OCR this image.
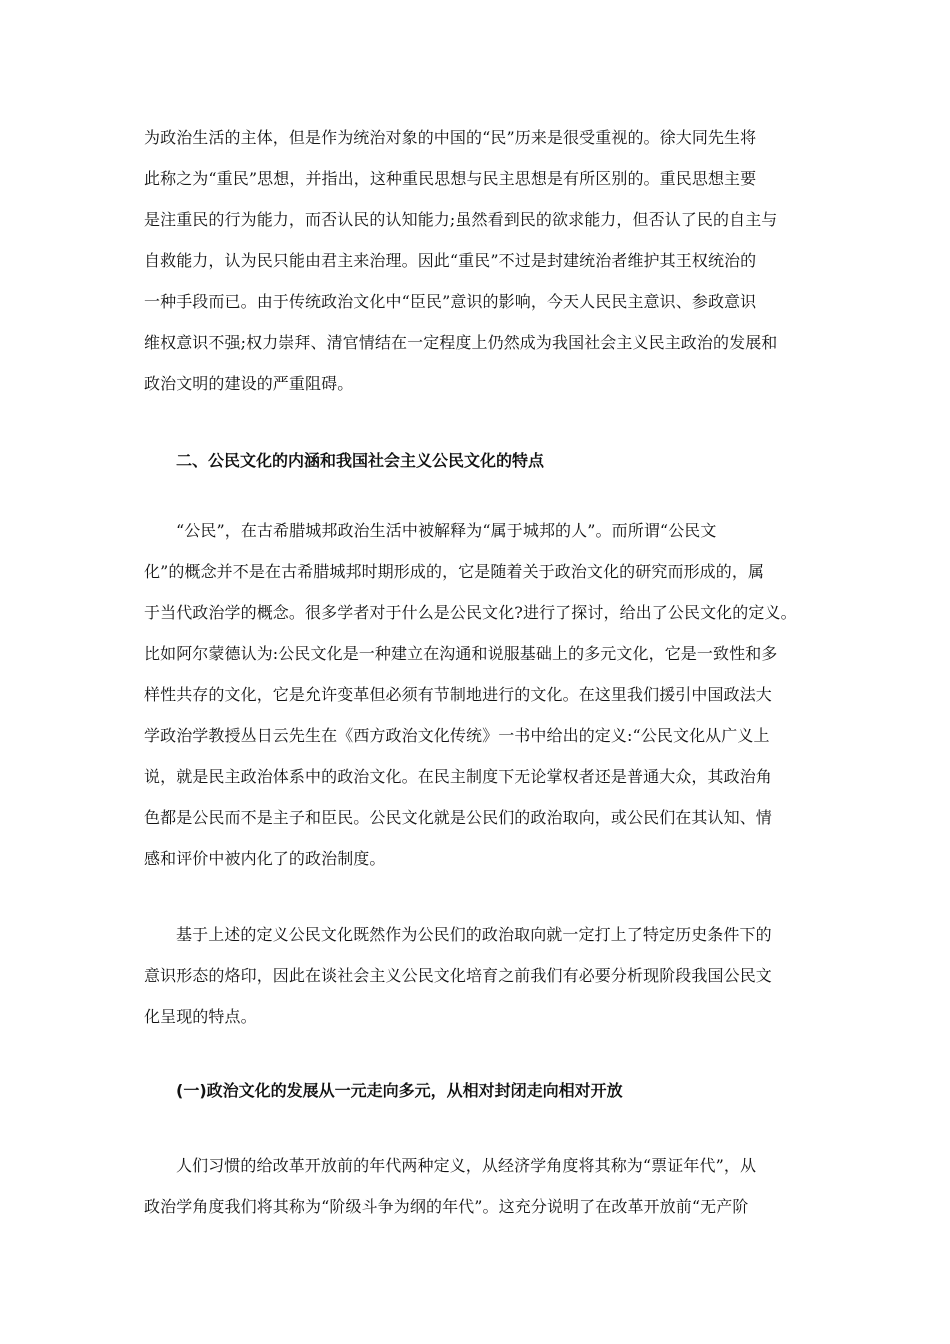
为政治生活的主体，但是作为统治对象的中国的“民”历来是很受重视的。徐大同先生将
此称之为“重民”思想，并指出，这种重民思想与民主思想是有所区别的。重民思想主要
是注重民的行为能力，而否认民的认知能力;虽然看到民的欲求能力，但否认了民的自主与
自救能力，认为民只能由君主来治理。因此“重民”不过是封建统治者维护其王权统治的
一种手段而已。由于传统政治文化中“臣民”意识的影响，今天人民民主意识、参政意识
维权意识不强;权力崇拜、清官情结在一定程度上仍然成为我国社会主义民主政治的发展和
政治文明的建设的严重阻碍。
二、公民文化的内涵和我国社会主义公民文化的特点
“公民”，在古希腊城邦政治生活中被解释为“属于城邦的人”。而所谓“公民文
化”的概念并不是在古希腊城邦时期形成的，它是随着关于政治文化的研究而形成的，属
于当代政治学的概念。很多学者对于什么是公民文化?进行了探讨，给出了公民文化的定义。
比如阿尔蒙德认为:公民文化是一种建立在沟通和说服基础上的多元文化，它是一致性和多
样性共存的文化，它是允许变革但必须有节制地进行的文化。在这里我们援引中国政法大
学政治学教授丛日云先生在《西方政治文化传统》一书中给出的定义:“公民文化从广义上
说，就是民主政治体系中的政治文化。在民主制度下无论掌权者还是普通大众，其政治角
色都是公民而不是主子和臣民。公民文化就是公民们的政治取向，或公民们在其认知、情
感和评价中被内化了的政治制度。
基于上述的定义公民文化既然作为公民们的政治取向就一定打上了特定历史条件下的
意识形态的烙印，因此在谈社会主义公民文化培育之前我们有必要分析现阶段我国公民文
化呈现的特点。
(一)政治文化的发展从一元走向多元，从相对封闭走向相对开放
人们习惯的给改革开放前的年代两种定义，从经济学角度将其称为“票证年代”，从
政治学角度我们将其称为“阶级斗争为纲的年代”。这充分说明了在改革开放前“无产阶
